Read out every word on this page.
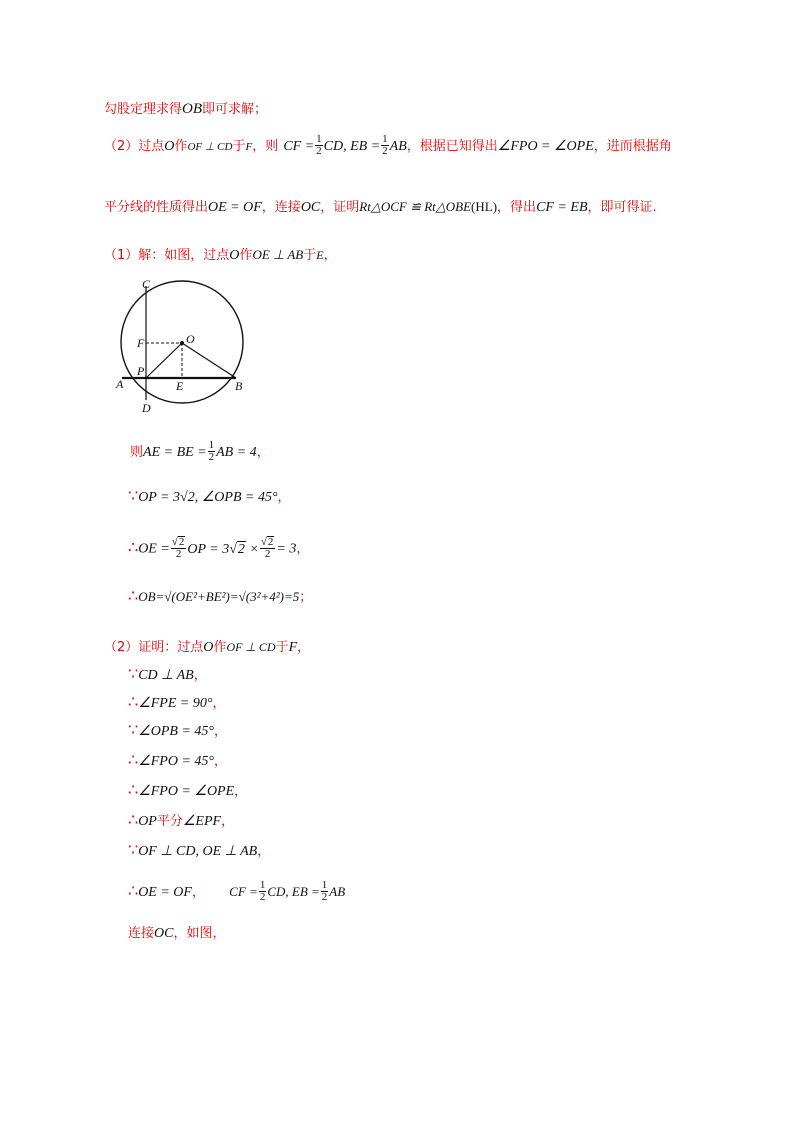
勾股定理求得OB即可求解；
（2）过点O作OF ⊥ CD于F，则 CF = $\frac{1}{2}$ CD, EB = $\frac{1}{2}$ AB，根据已知得出∠FPO = ∠OPE，进而根据角
平分线的性质得出OE = OF，连接OC，证明Rt△OCF ≌ Rt△OBE(HL)，得出CF = EB，即可得证.
（1）解：如图，过点O作OE ⊥ AB于E，
C
O
F
P
A	E	B
D
则AE = BE = $\frac{1}{2}$ AB = 4，
∵OP = 3√2, ∠OPB = 45°，
∴OE = $\frac{√2}{2}$ OP = $3√2 \times \frac{√2}{2} = 3$，
∴OB=√(OE²+BE²)=√(3²+4²)=5；
（2）证明：过点O作OF ⊥ CD于F，
∵CD ⊥ AB，
∴∠FPE = 90°，
∵∠OPB = 45°，
∴∠FPO = 45°，
∴∠FPO = ∠OPE，
∴OP平分∠EPF，
∵OF ⊥ CD, OE ⊥ AB，
∴OE = OF， CF = $\frac{1}{2}$ CD, EB = $\frac{1}{2}$ AB
连接OC，如图，
